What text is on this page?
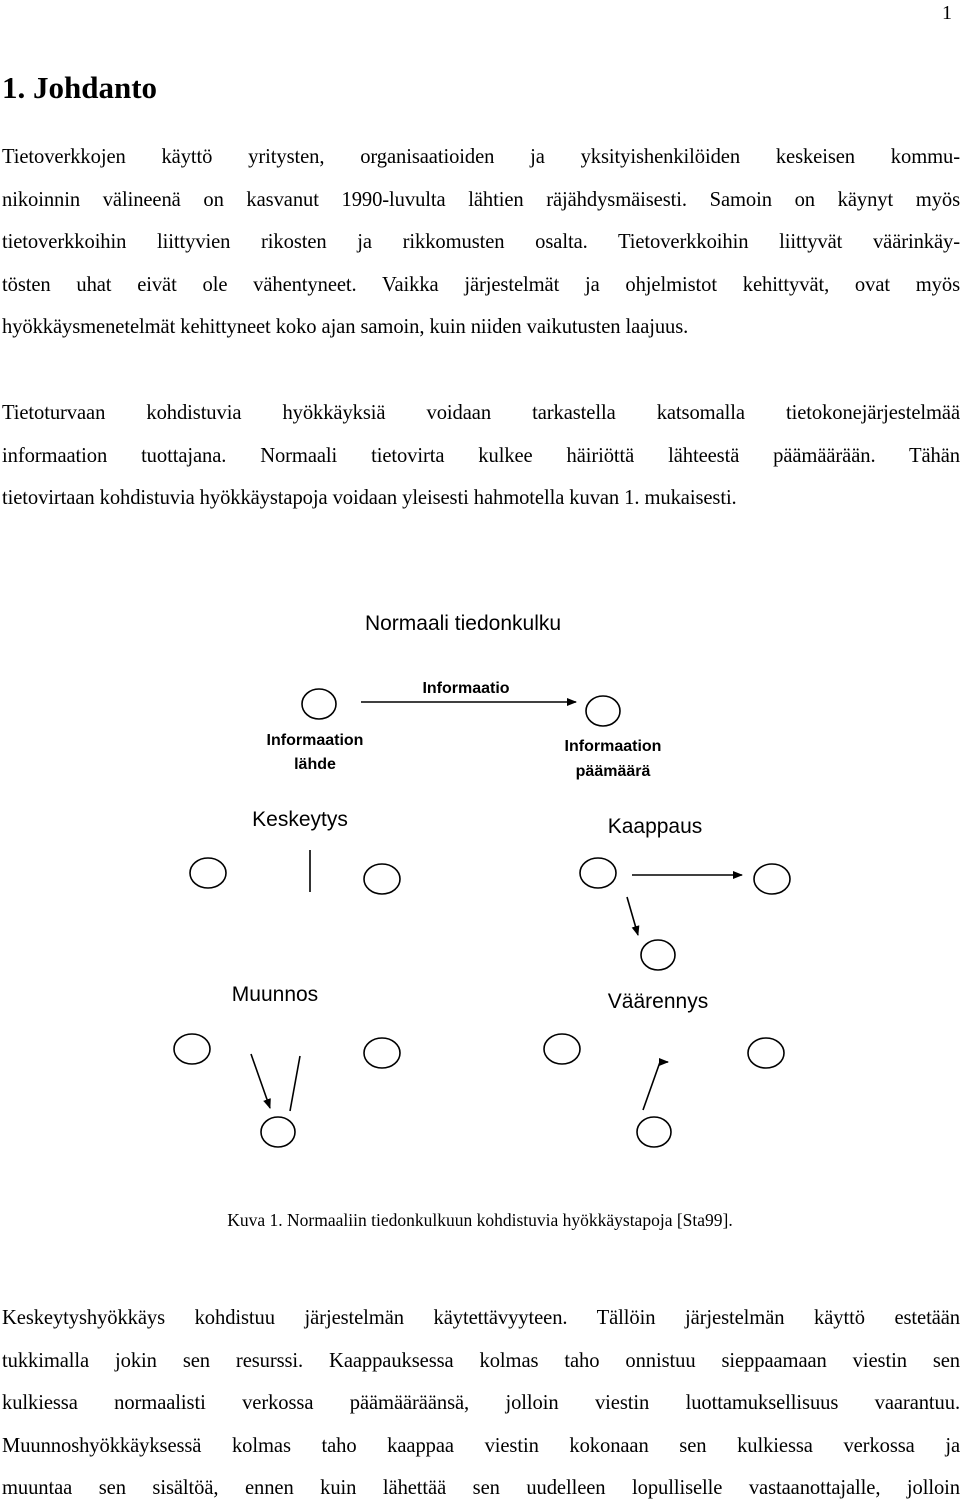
1
1. Johdanto
Tietoverkkojen käyttö yritysten, organisaatioiden ja yksityishenkilöiden keskeisen kommu-
nikoinnin välineenä on kasvanut 1990-luvulta lähtien räjähdysmäisesti. Samoin on käynyt myös
tietoverkkoihin liittyvien rikosten ja rikkomusten osalta. Tietoverkkoihin liittyvät väärinkäy-
tösten uhat eivät ole vähentyneet. Vaikka järjestelmät ja ohjelmistot kehittyvät, ovat myös
hyökkäysmenetelmät kehittyneet koko ajan samoin, kuin niiden vaikutusten laajuus.
Tietoturvaan kohdistuvia hyökkäyksiä voidaan tarkastella katsomalla tietokonejärjestelmää
informaation tuottajana. Normaali tietovirta kulkee häiriöttä lähteestä päämäärään. Tähän
tietovirtaan kohdistuvia hyökkäystapoja voidaan yleisesti hahmotella kuvan 1. mukaisesti.
Normaali tiedonkulku
Informaatio
Informaation
lähde
Informaation
päämäärä
Keskeytys	Kaappaus
Muunnos	Väärennys
Kuva 1. Normaaliin tiedonkulkuun kohdistuvia hyökkäystapoja [Sta99].
Keskeytyshyökkäys kohdistuu järjestelmän käytettävyyteen. Tällöin järjestelmän käyttö estetään
tukkimalla jokin sen resurssi. Kaappauksessa kolmas taho onnistuu sieppaamaan viestin sen
kulkiessa normaalisti verkossa päämääräänsä, jolloin viestin luottamuksellisuus vaarantuu.
Muunnoshyökkäyksessä kolmas taho kaappaa viestin kokonaan sen kulkiessa verkossa ja
muuntaa sen sisältöä, ennen kuin lähettää sen uudelleen lopulliselle vastaanottajalle, jolloin
